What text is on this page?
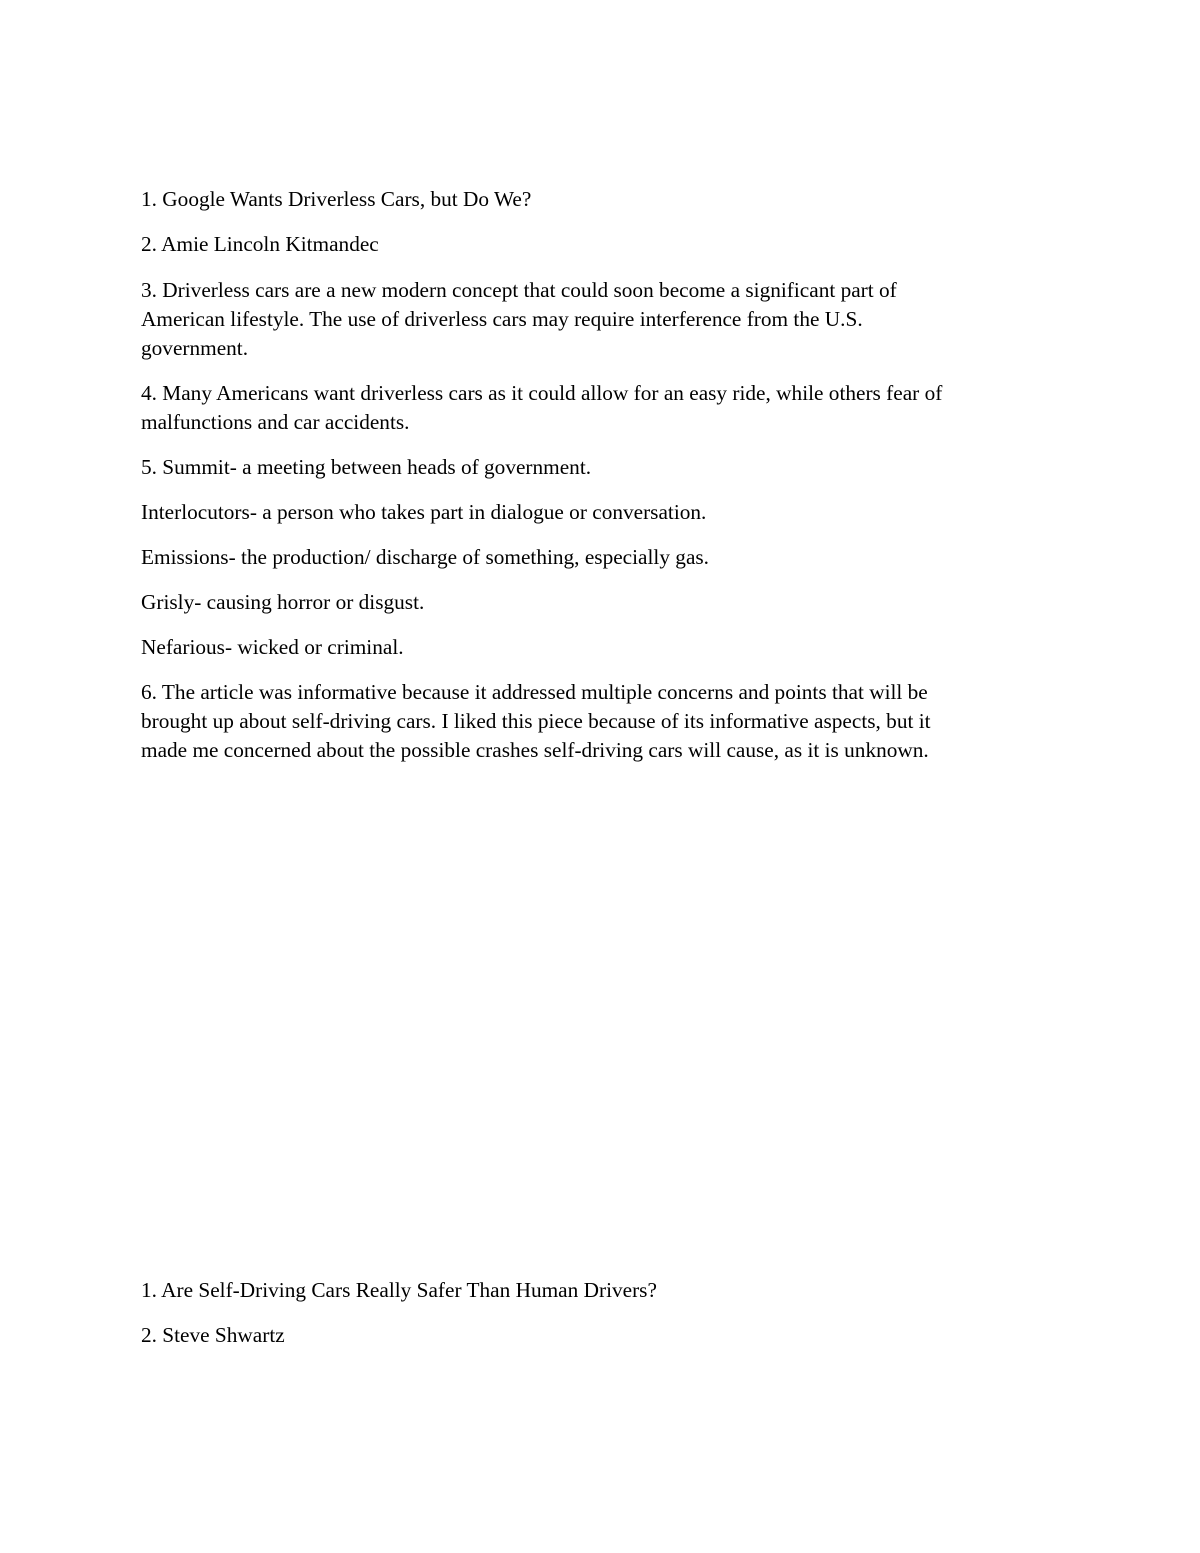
1. Google Wants Driverless Cars, but Do We?

2. Amie Lincoln Kitmandec

3. Driverless cars are a new modern concept that could soon become a significant part of

American lifestyle. The use of driverless cars may require interference from the U.S.

government.

4. Many Americans want driverless cars as it could allow for an easy ride, while others fear of

malfunctions and car accidents.

5. Summit- a meeting between heads of government.

Interlocutors- a person who takes part in dialogue or conversation.

Emissions- the production/ discharge of something, especially gas.

Grisly- causing horror or disgust.

Nefarious- wicked or criminal.

6. The article was informative because it addressed multiple concerns and points that will be

brought up about self-driving cars. I liked this piece because of its informative aspects, but it

made me concerned about the possible crashes self-driving cars will cause, as it is unknown.

1. Are Self-Driving Cars Really Safer Than Human Drivers?

2. Steve Shwartz
